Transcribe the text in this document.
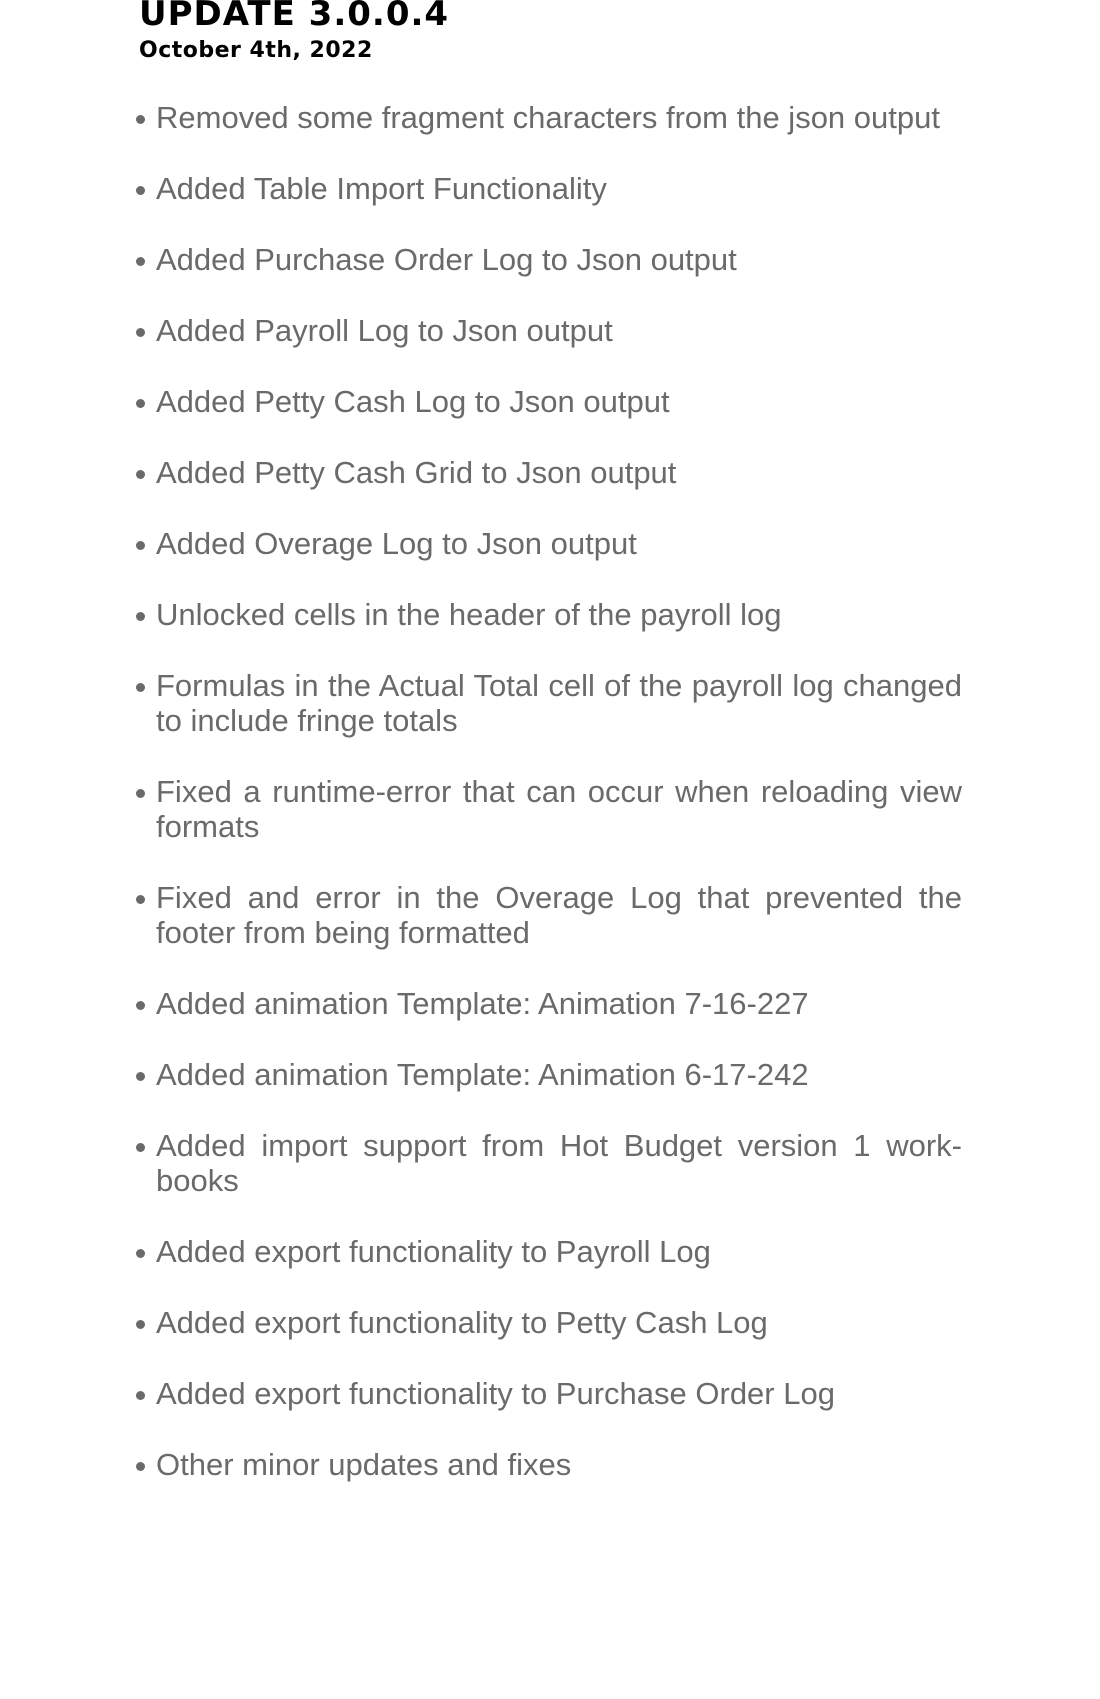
UPDATE 3.0.0.4
October 4th, 2022
Removed some fragment characters from the json output
Added Table Import Functionality
Added Purchase Order Log to Json output
Added Payroll Log to Json output
Added Petty Cash Log to Json output
Added Petty Cash Grid to Json output
Added Overage Log to Json output
Unlocked cells in the header of the payroll log
Formulas in the Actual Total cell of the payroll log changed to include fringe totals
Fixed a runtime-error that can occur when reloading view formats
Fixed and error in the Overage Log that prevented the footer from being formatted
Added animation Template: Animation 7-16-227
Added animation Template: Animation 6-17-242
Added import support from Hot Budget version 1 work-books
Added export functionality to Payroll Log
Added export functionality to Petty Cash Log
Added export functionality to Purchase Order Log
Other minor updates and fixes
